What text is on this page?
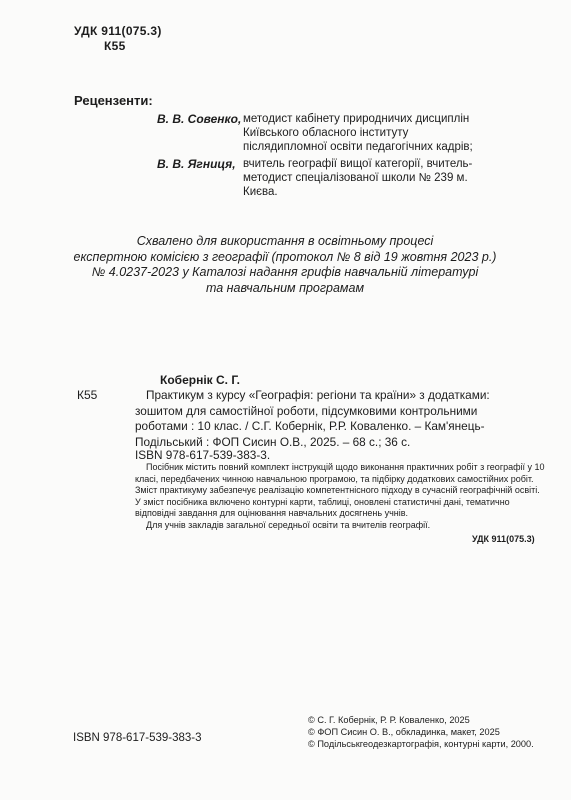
УДК 911(075.3)
К55
Рецензенти:
В. В. Совенко, методист кабінету природничих дисциплін Київського обласного інституту післядипломної освіти педагогічних кадрів;
В. В. Ягниця, вчитель географії вищої категорії, вчитель-методист спеціалізованої школи № 239 м. Києва.
Схвалено для використання в освітньому процесі
експертною комісією з географії (протокол № 8 від 19 жовтня 2023 р.)
№ 4.0237-2023 у Каталозі надання грифів навчальній літературі
та навчальним програмам
Кобернік С. Г.
К55	Практикум з курсу «Географія: регіони та країни» з додатками: зошитом для самостійної роботи, підсумковими контрольними роботами : 10 клас. / С.Г. Кобернік, Р.Р. Коваленко. – Кам'янець-Подільський : ФОП Сисин О.В., 2025. – 68 с.; 36 с.

ISBN 978-617-539-383-3.

Посібник містить повний комплект інструкцій щодо виконання практичних робіт з географії у 10 класі, передбачених чинною навчальною програмою, та підбірку додаткових самостійних робіт. Зміст практикуму забезпечує реалізацію компетентнісного підходу в сучасній географічній освіті. У зміст посібника включено контурні карти, таблиці, оновлені статистичні дані, тематично відповідні завдання для оцінювання навчальних досягнень учнів.

Для учнів закладів загальної середньої освіти та вчителів географії.

УДК 911(075.3)
© С. Г. Кобернік, Р. Р. Коваленко, 2025
© ФОП Сисин О. В., обкладинка, макет, 2025
© Подільськгеодезкартографія, контурні карти, 2000.
ISBN 978-617-539-383-3
